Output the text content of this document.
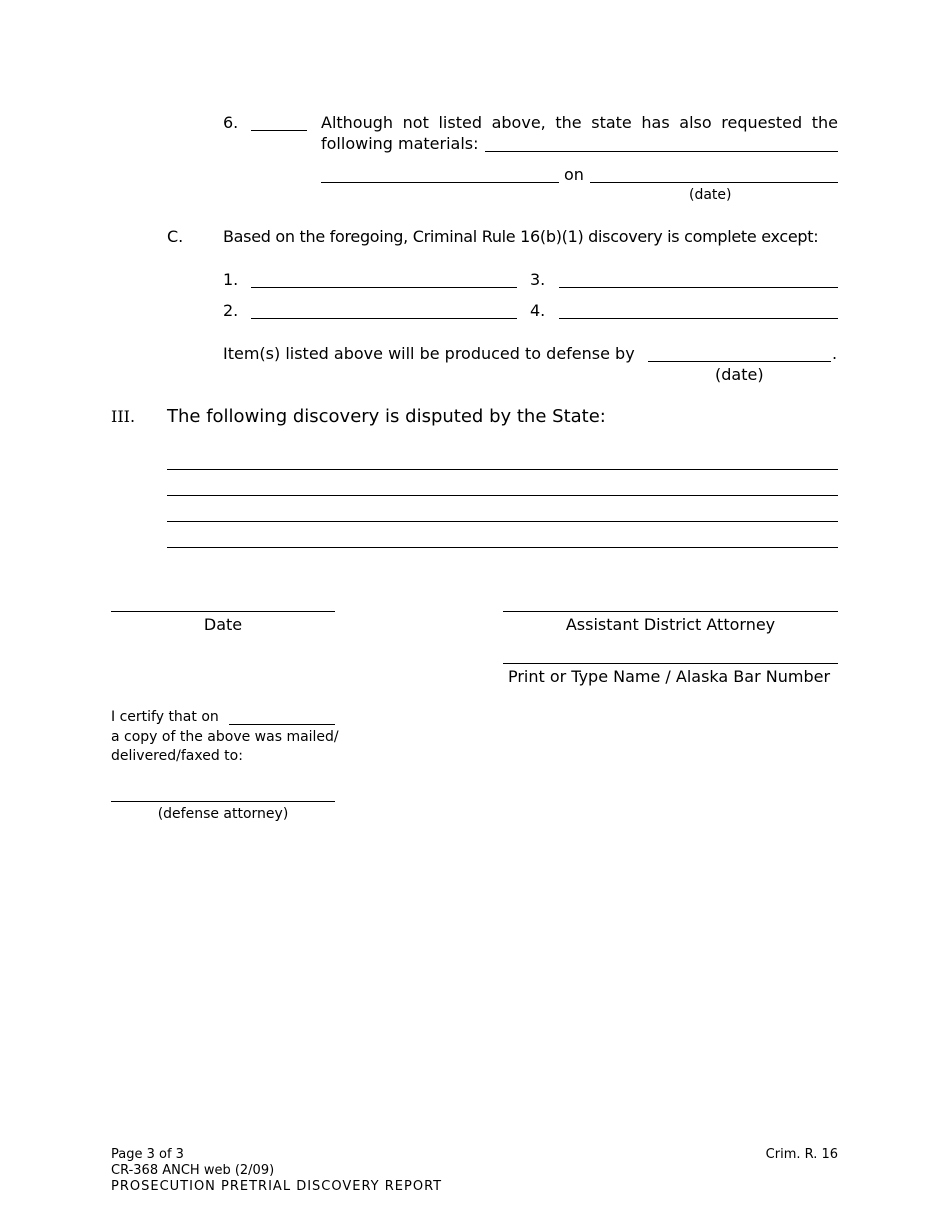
6.	Although not listed above, the state has also requested the
following materials:
on
(date)
C. Based on the foregoing, Criminal Rule 16(b)(1) discovery is complete except:
1.	3.
2.	4.
Item(s) listed above will be produced to defense by	.
(date)
III. The following discovery is disputed by the State:
Date	Assistant District Attorney
Print or Type Name / Alaska Bar Number
I certify that on
a copy of the above was mailed/
delivered/faxed to:
(defense attorney)
Page 3 of 3
CR-368 ANCH web (2/09)
PROSECUTION PRETRIAL DISCOVERY REPORT
Crim. R. 16
